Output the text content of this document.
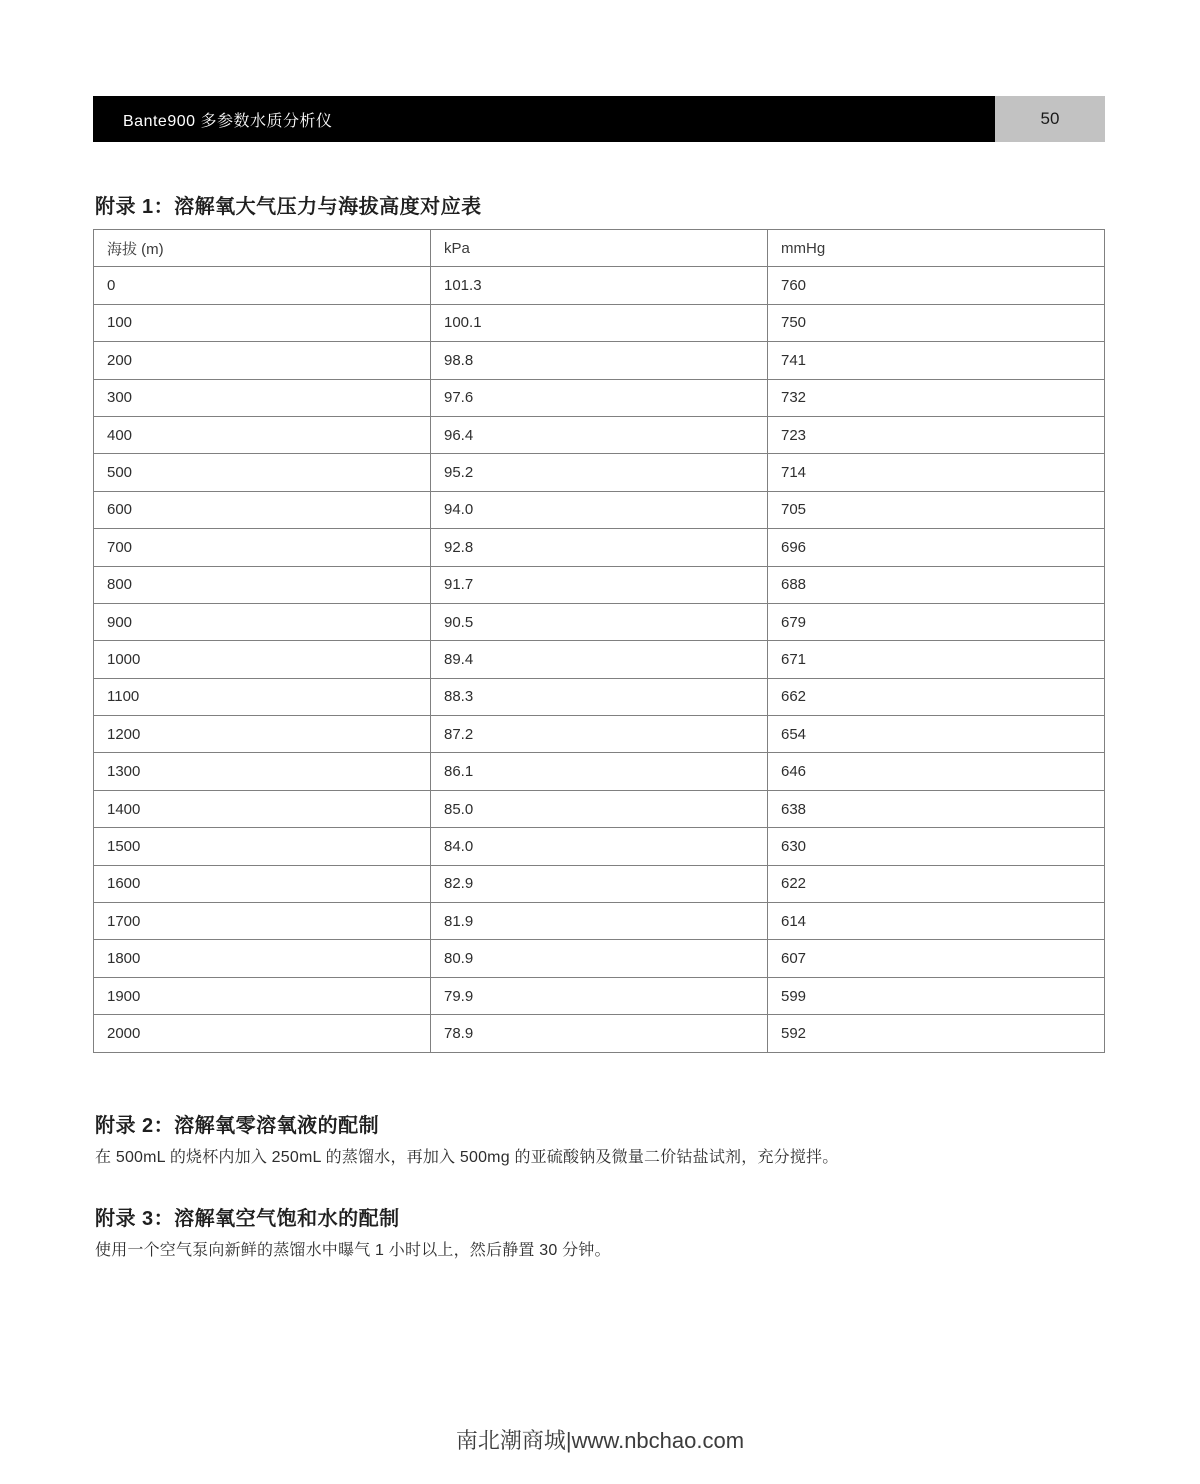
Bante900 多参数水质分析仪	50
附录 1：溶解氧大气压力与海拔高度对应表
海拔 (m)	kPa	mmHg
0	101.3	760
100	100.1	750
200	98.8	741
300	97.6	732
400	96.4	723
500	95.2	714
600	94.0	705
700	92.8	696
800	91.7	688
900	90.5	679
1000	89.4	671
1100	88.3	662
1200	87.2	654
1300	86.1	646
1400	85.0	638
1500	84.0	630
1600	82.9	622
1700	81.9	614
1800	80.9	607
1900	79.9	599
2000	78.9	592
附录 2：溶解氧零溶氧液的配制
在 500mL 的烧杯内加入 250mL 的蒸馏水，再加入 500mg 的亚硫酸钠及微量二价钴盐试剂，充分搅拌。
附录 3：溶解氧空气饱和水的配制
使用一个空气泵向新鲜的蒸馏水中曝气 1 小时以上，然后静置 30 分钟。
南北潮商城|www.nbchao.com
